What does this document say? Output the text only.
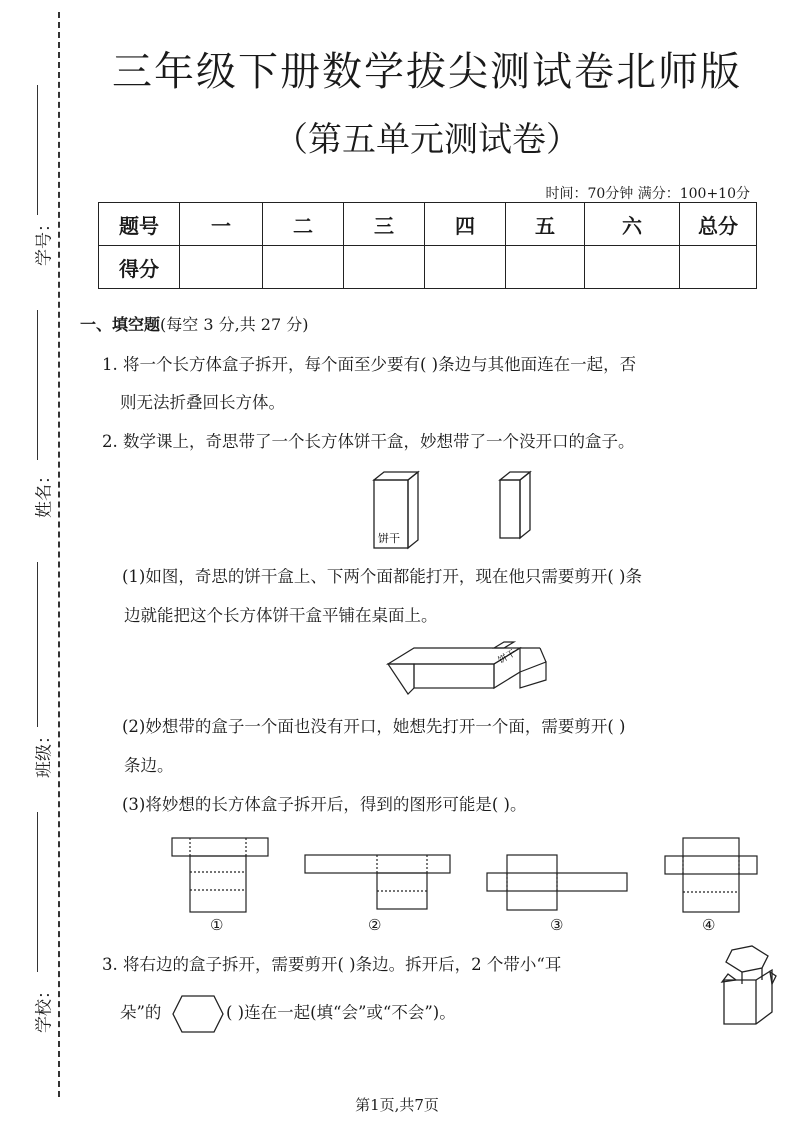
学号：
姓名：
班级：
学校：
三年级下册数学拔尖测试卷北师版
（第五单元测试卷）
时间：70分钟 满分：100+10分
题号	一	二	三	四	五	六	总分
得分							
一、填空题(每空 3 分,共 27 分)
1. 将一个长方体盒子拆开，每个面至少要有( )条边与其他面连在一起，否
则无法折叠回长方体。
2. 数学课上，奇思带了一个长方体饼干盒，妙想带了一个没开口的盒子。
饼干
(1)如图，奇思的饼干盒上、下两个面都能打开，现在他只需要剪开( )条
边就能把这个长方体饼干盒平铺在桌面上。
饼干
(2)妙想带的盒子一个面也没有开口，她想先打开一个面，需要剪开( )
条边。
(3)将妙想的长方体盒子拆开后，得到的图形可能是( )。
①	②	③	④
3. 将右边的盒子拆开，需要剪开( )条边。拆开后，2 个带小“耳
朵”的	( )连在一起(填“会”或“不会”)。
第1页,共7页
